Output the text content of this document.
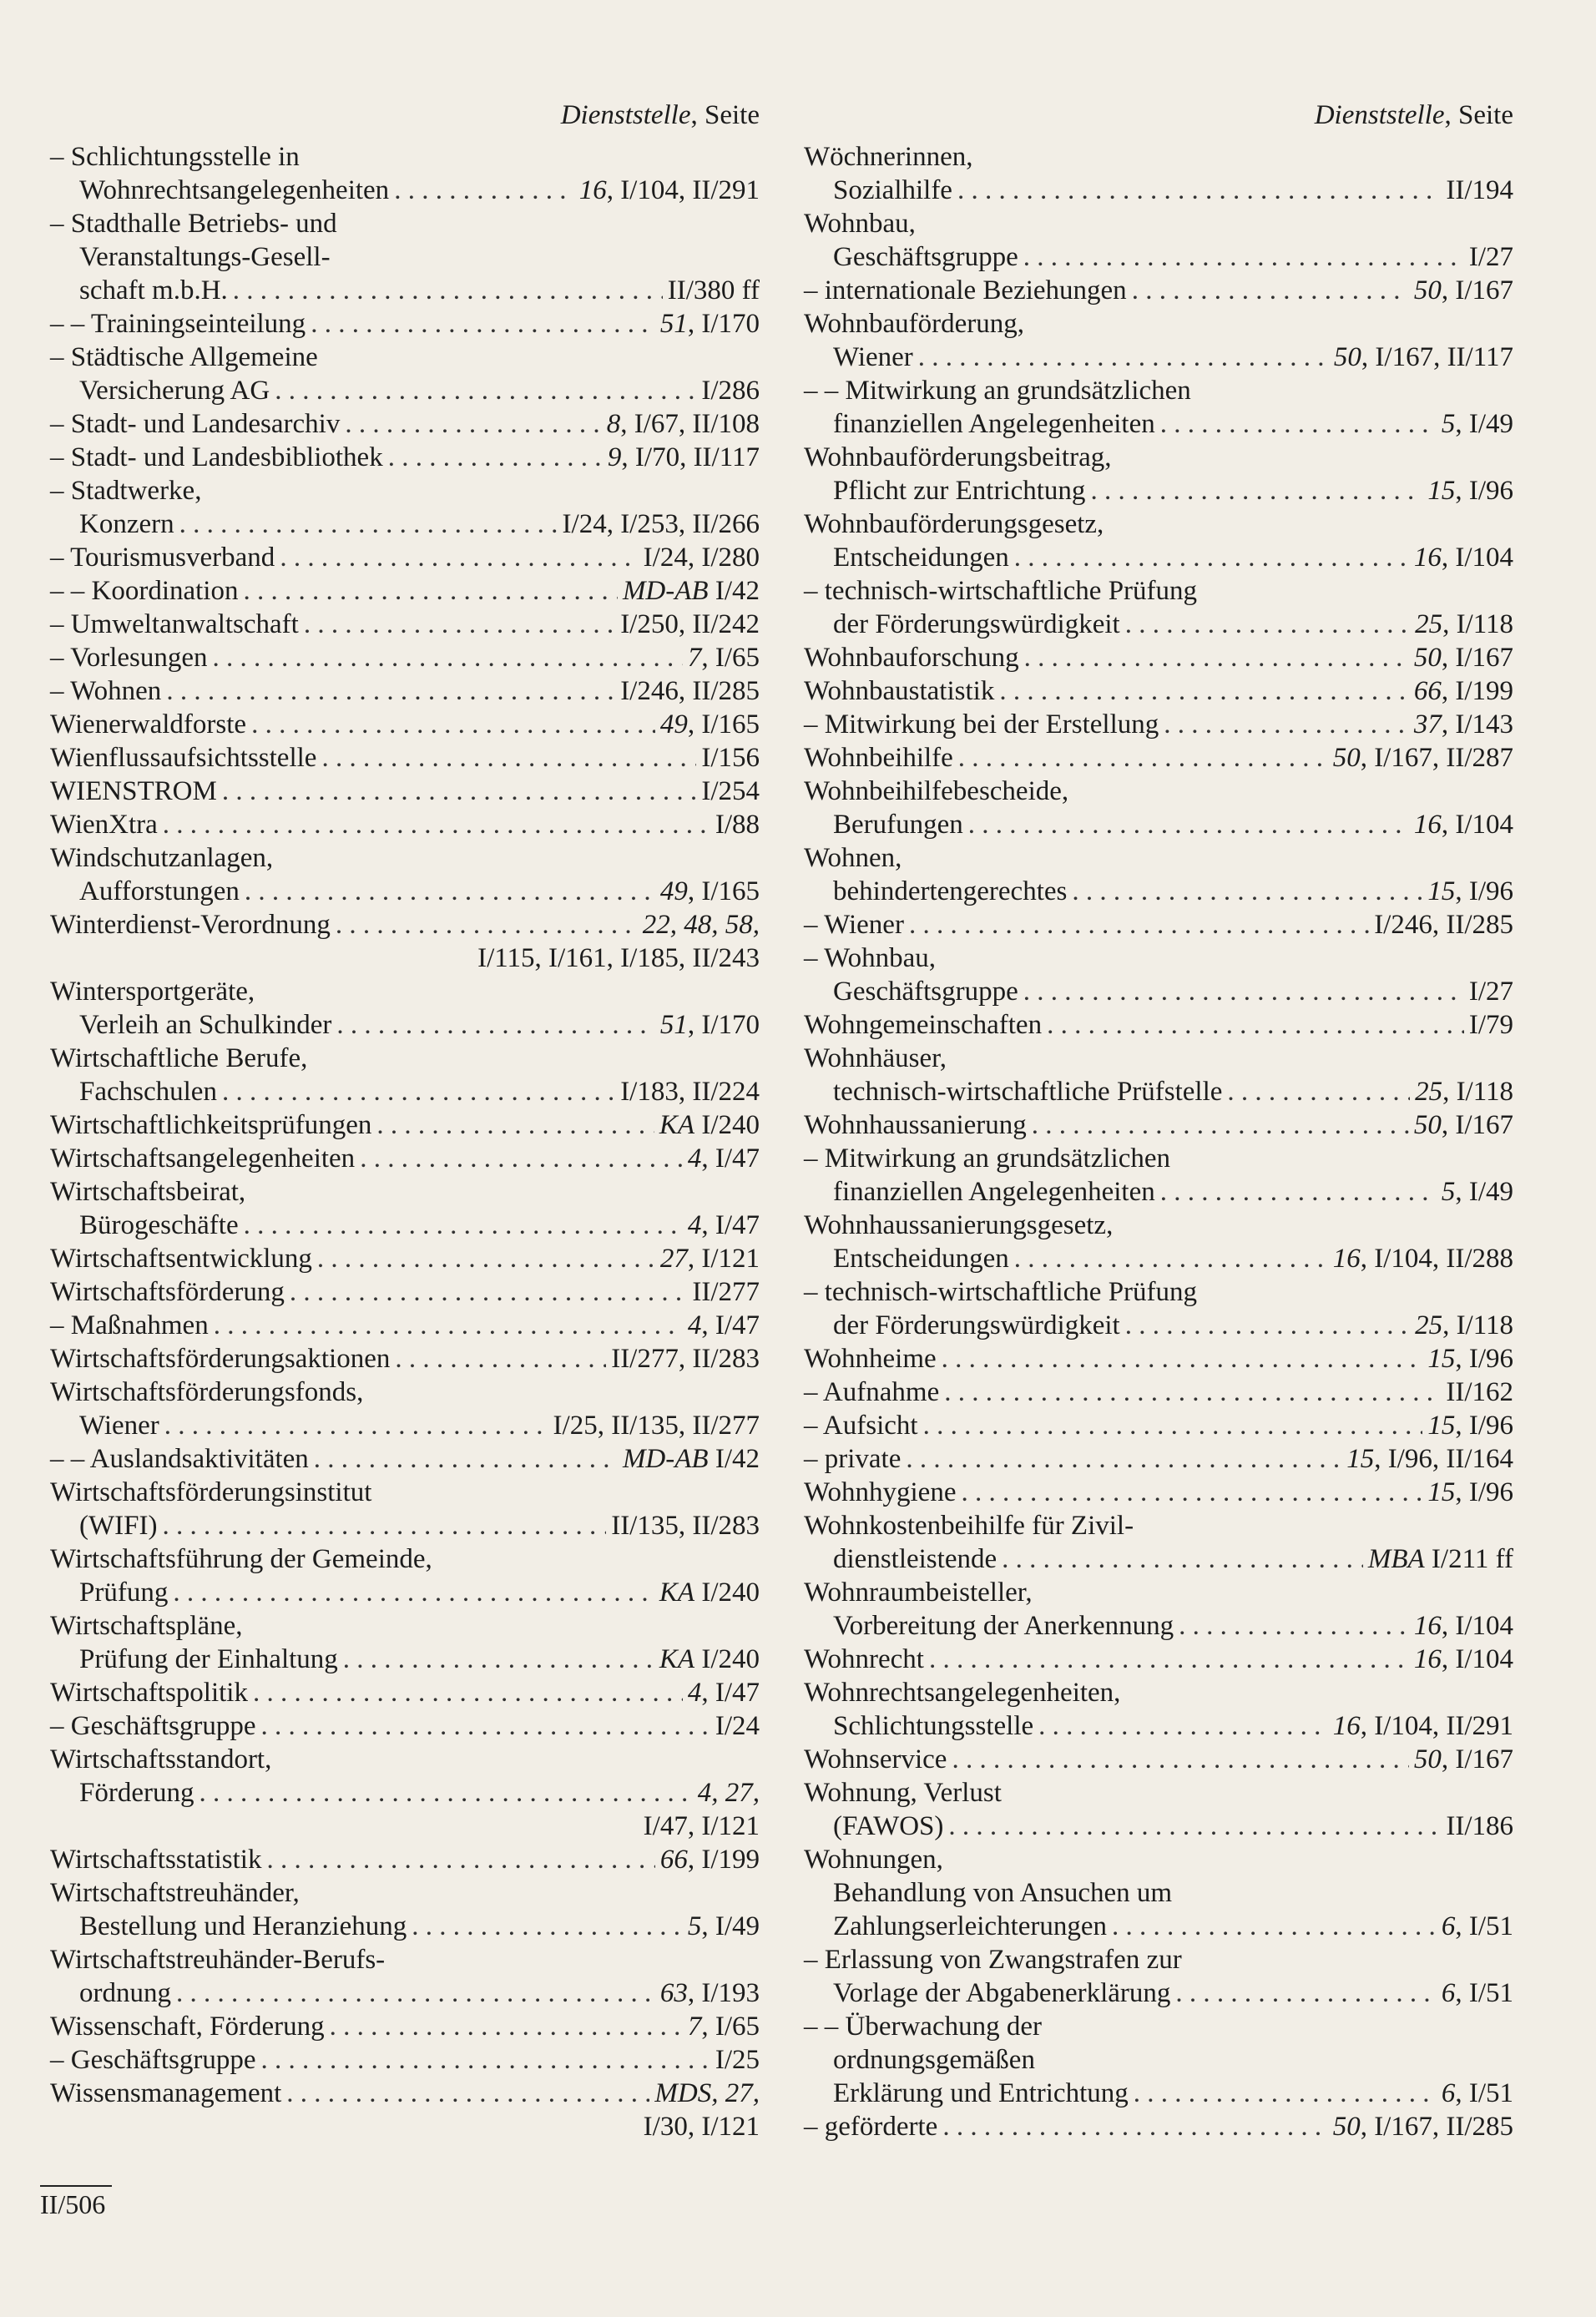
Dienststelle, Seite
– Schlichtungsstelle in
Wohnrechtsangelegenheiten . . .	16, I/104, II/291
– Stadthalle Betriebs- und
Veranstaltungs-Gesell-
schaft m.b.H. . . .	II/380 ff
– – Trainingseinteilung . . .	51, I/170
– Städtische Allgemeine
Versicherung AG . . .	I/286
– Stadt- und Landesarchiv . . .	8, I/67, II/108
– Stadt- und Landesbibliothek . . .	9, I/70, II/117
– Stadtwerke,
Konzern . . .	I/24, I/253, II/266
– Tourismusverband . . .	I/24, I/280
– – Koordination . . .	MD-AB I/42
– Umweltanwaltschaft . . .	I/250, II/242
– Vorlesungen . . .	7, I/65
– Wohnen . . .	I/246, II/285
Wienerwaldforste . . .	49, I/165
Wienflussaufsichtsstelle . . .	I/156
WIENSTROM . . .	I/254
WienXtra . . .	I/88
Windschutzanlagen,
Aufforstungen . . .	49, I/165
Winterdienst-Verordnung . . .	22, 48, 58,
I/115, I/161, I/185, II/243
Wintersportgeräte,
Verleih an Schulkinder . . .	51, I/170
Wirtschaftliche Berufe,
Fachschulen . . .	I/183, II/224
Wirtschaftlichkeitsprüfungen . . .	KA I/240
Wirtschaftsangelegenheiten . . .	4, I/47
Wirtschaftsbeirat,
Bürogeschäfte . . .	4, I/47
Wirtschaftsentwicklung . . .	27, I/121
Wirtschaftsförderung . . .	II/277
– Maßnahmen . . .	4, I/47
Wirtschaftsförderungsaktionen . . .	II/277, II/283
Wirtschaftsförderungsfonds,
Wiener . . .	I/25, II/135, II/277
– – Auslandsaktivitäten . . .	MD-AB I/42
Wirtschaftsförderungsinstitut
(WIFI) . . .	II/135, II/283
Wirtschaftsführung der Gemeinde,
Prüfung . . .	KA I/240
Wirtschaftspläne,
Prüfung der Einhaltung . . .	KA I/240
Wirtschaftspolitik . . .	4, I/47
– Geschäftsgruppe . . .	I/24
Wirtschaftsstandort,
Förderung . . .	4, 27,
I/47, I/121
Wirtschaftsstatistik . . .	66, I/199
Wirtschaftstreuhänder,
Bestellung und Heranziehung . . .	5, I/49
Wirtschaftstreuhänder-Berufs-
ordnung . . .	63, I/193
Wissenschaft, Förderung . . .	7, I/65
– Geschäftsgruppe . . .	I/25
Wissensmanagement . . .	MDS, 27,
I/30, I/121
Dienststelle, Seite
Wöchnerinnen,
Sozialhilfe . . .	II/194
Wohnbau,
Geschäftsgruppe . . .	I/27
– internationale Beziehungen . . .	50, I/167
Wohnbauförderung,
Wiener . . .	50, I/167, II/117
– – Mitwirkung an grundsätzlichen
finanziellen Angelegenheiten . . .	5, I/49
Wohnbauförderungsbeitrag,
Pflicht zur Entrichtung . . .	15, I/96
Wohnbauförderungsgesetz,
Entscheidungen . . .	16, I/104
– technisch-wirtschaftliche Prüfung
der Förderungswürdigkeit . . .	25, I/118
Wohnbauforschung . . .	50, I/167
Wohnbaustatistik . . .	66, I/199
– Mitwirkung bei der Erstellung . . .	37, I/143
Wohnbeihilfe . . .	50, I/167, II/287
Wohnbeihilfebescheide,
Berufungen . . .	16, I/104
Wohnen,
behindertengerechtes . . .	15, I/96
– Wiener . . .	I/246, II/285
– Wohnbau,
Geschäftsgruppe . . .	I/27
Wohngemeinschaften . . .	I/79
Wohnhäuser,
technisch-wirtschaftliche Prüfstelle . . .	25, I/118
Wohnhaussanierung . . .	50, I/167
– Mitwirkung an grundsätzlichen
finanziellen Angelegenheiten . . .	5, I/49
Wohnhaussanierungsgesetz,
Entscheidungen . . .	16, I/104, II/288
– technisch-wirtschaftliche Prüfung
der Förderungswürdigkeit . . .	25, I/118
Wohnheime . . .	15, I/96
– Aufnahme . . .	II/162
– Aufsicht . . .	15, I/96
– private . . .	15, I/96, II/164
Wohnhygiene . . .	15, I/96
Wohnkostenbeihilfe für Zivil-
dienstleistende . . .	MBA I/211 ff
Wohnraumbeisteller,
Vorbereitung der Anerkennung . . .	16, I/104
Wohnrecht . . .	16, I/104
Wohnrechtsangelegenheiten,
Schlichtungsstelle . . .	16, I/104, II/291
Wohnservice . . .	50, I/167
Wohnung, Verlust
(FAWOS) . . .	II/186
Wohnungen,
Behandlung von Ansuchen um
Zahlungserleichterungen . . .	6, I/51
– Erlassung von Zwangstrafen zur
Vorlage der Abgabenerklärung . . .	6, I/51
– – Überwachung der
ordnungsgemäßen
Erklärung und Entrichtung . . .	6, I/51
– geförderte . . .	50, I/167, II/285
II/506
